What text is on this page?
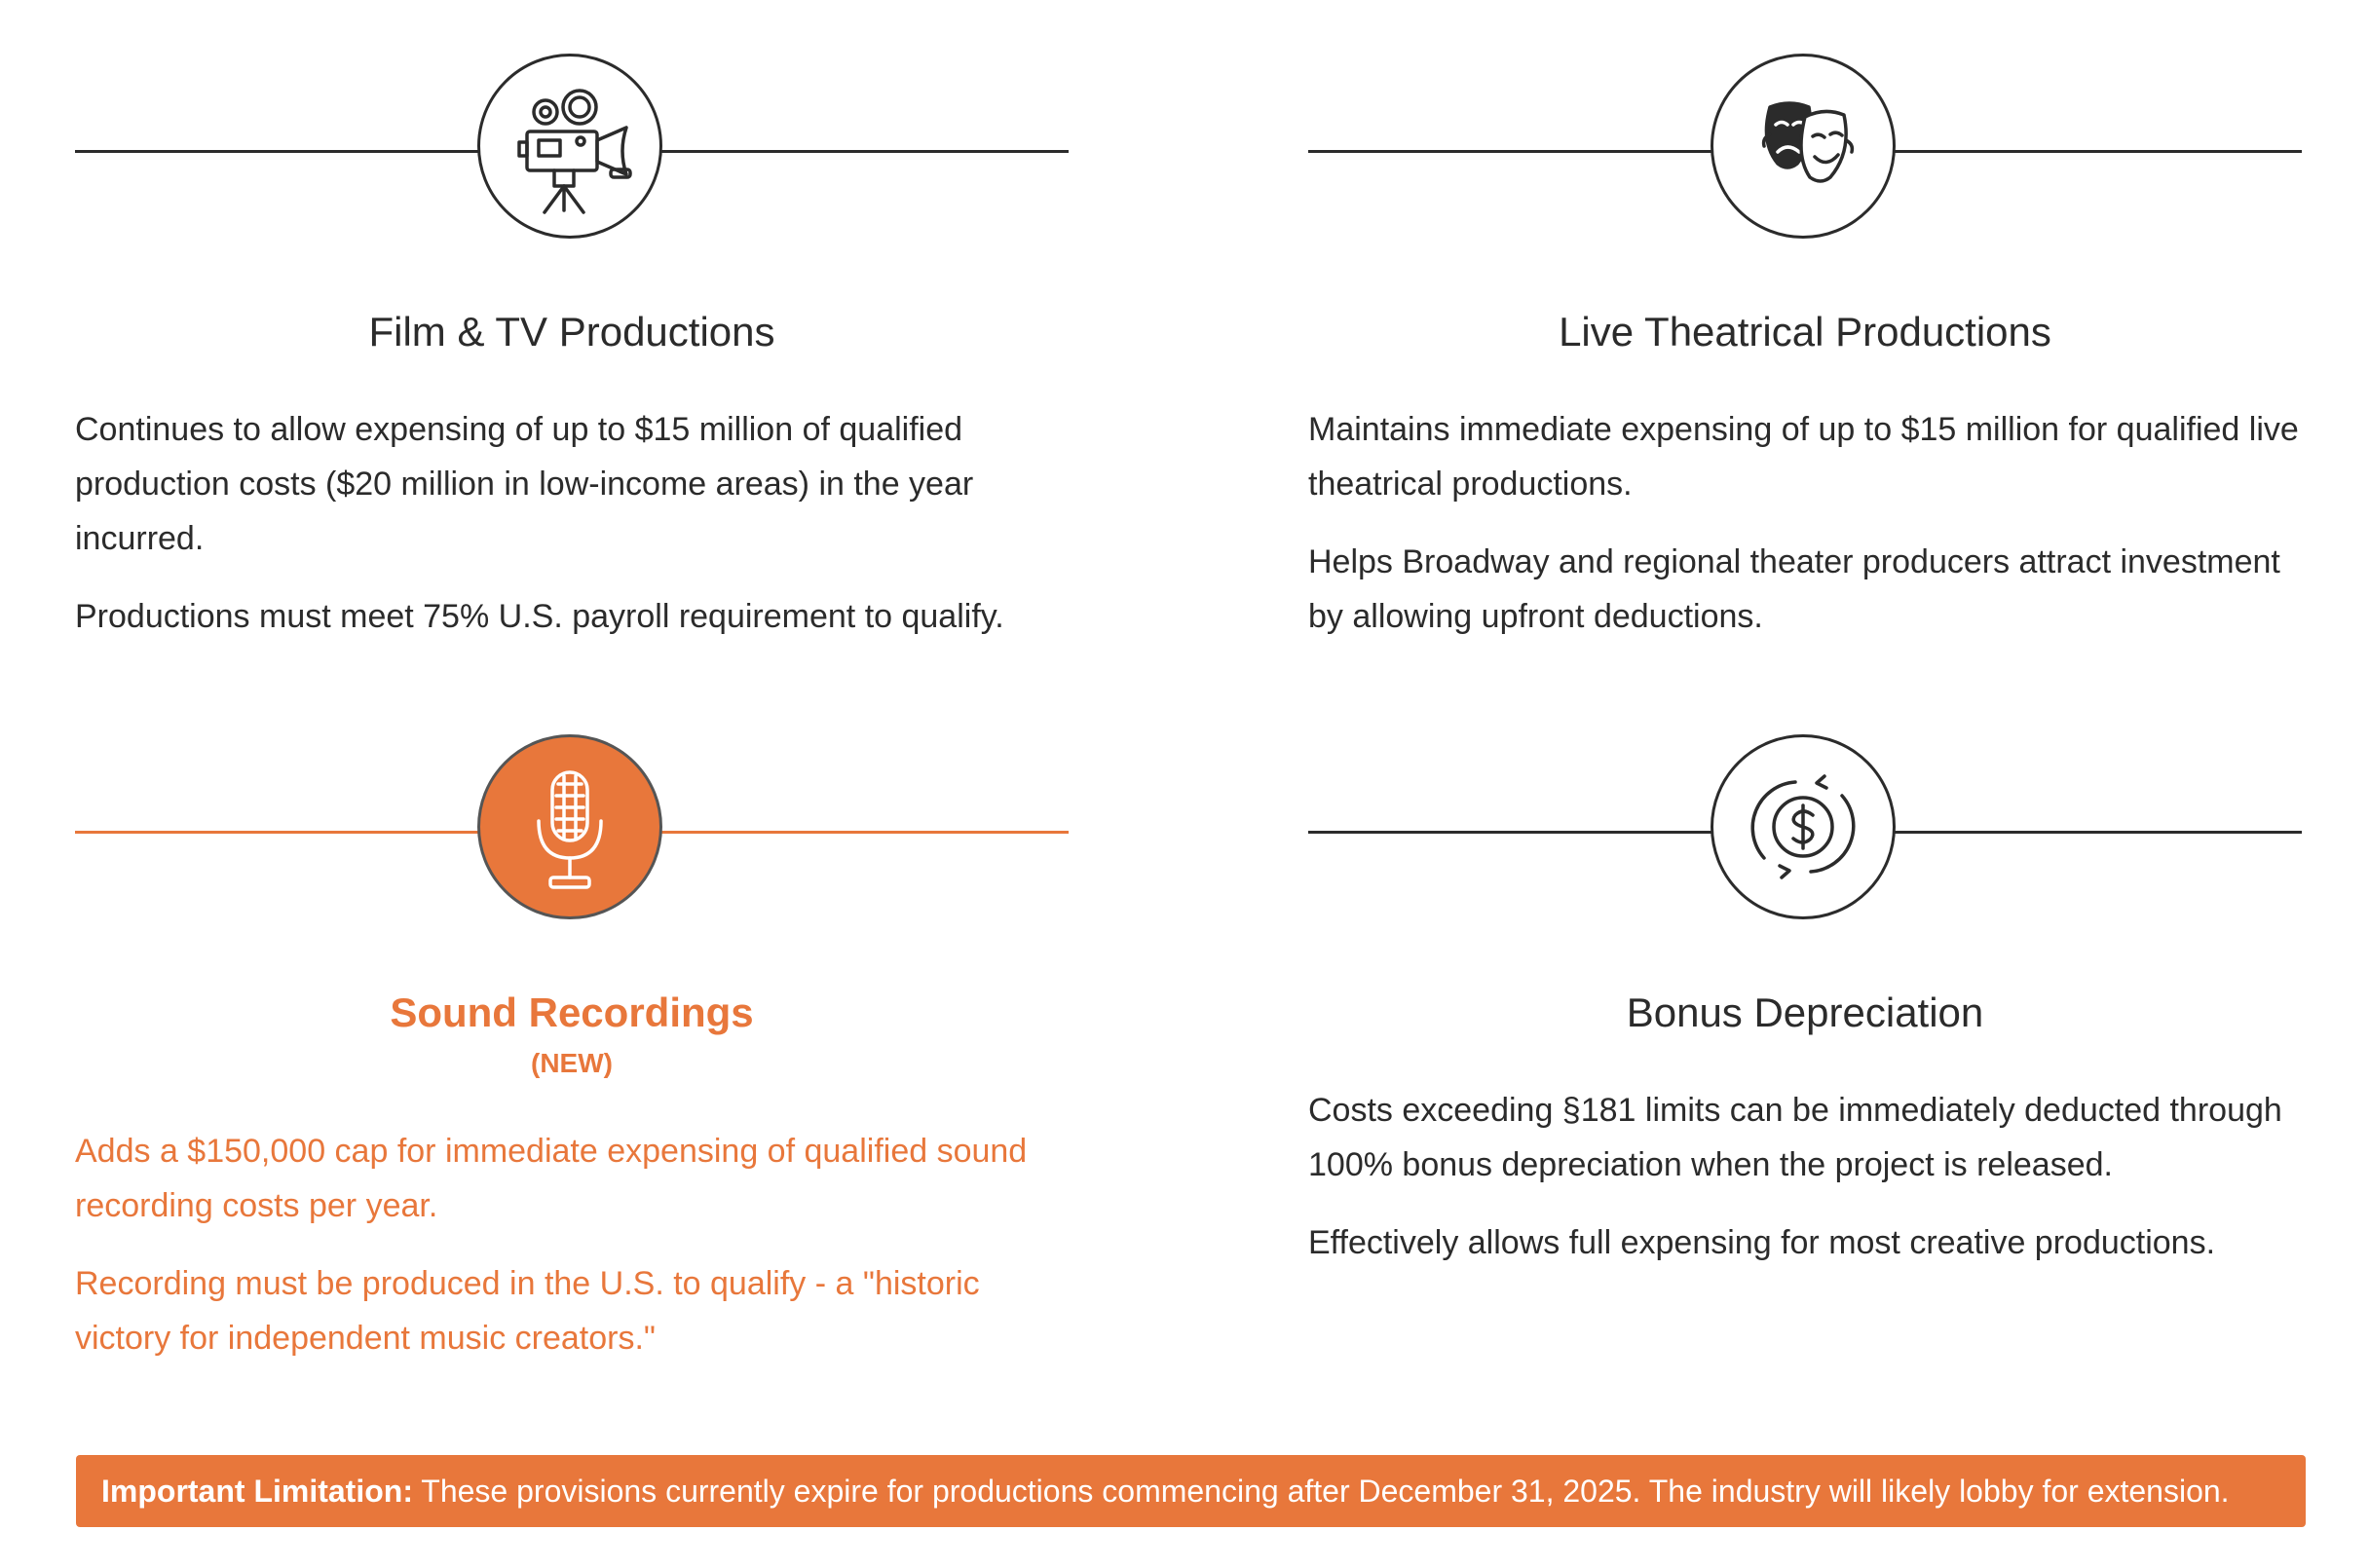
Film & TV Productions
Continues to allow expensing of up to $15 million of qualified production costs ($20 million in low-income areas) in the year incurred.
Productions must meet 75% U.S. payroll requirement to qualify.
Live Theatrical Productions
Maintains immediate expensing of up to $15 million for qualified live theatrical productions.
Helps Broadway and regional theater producers attract investment by allowing upfront deductions.
Sound Recordings
(NEW)
Adds a $150,000 cap for immediate expensing of qualified sound recording costs per year.
Recording must be produced in the U.S. to qualify - a "historic victory for independent music creators."
Bonus Depreciation
Costs exceeding §181 limits can be immediately deducted through 100% bonus depreciation when the project is released.
Effectively allows full expensing for most creative productions.
Important Limitation: These provisions currently expire for productions commencing after December 31, 2025. The industry will likely lobby for extension.
